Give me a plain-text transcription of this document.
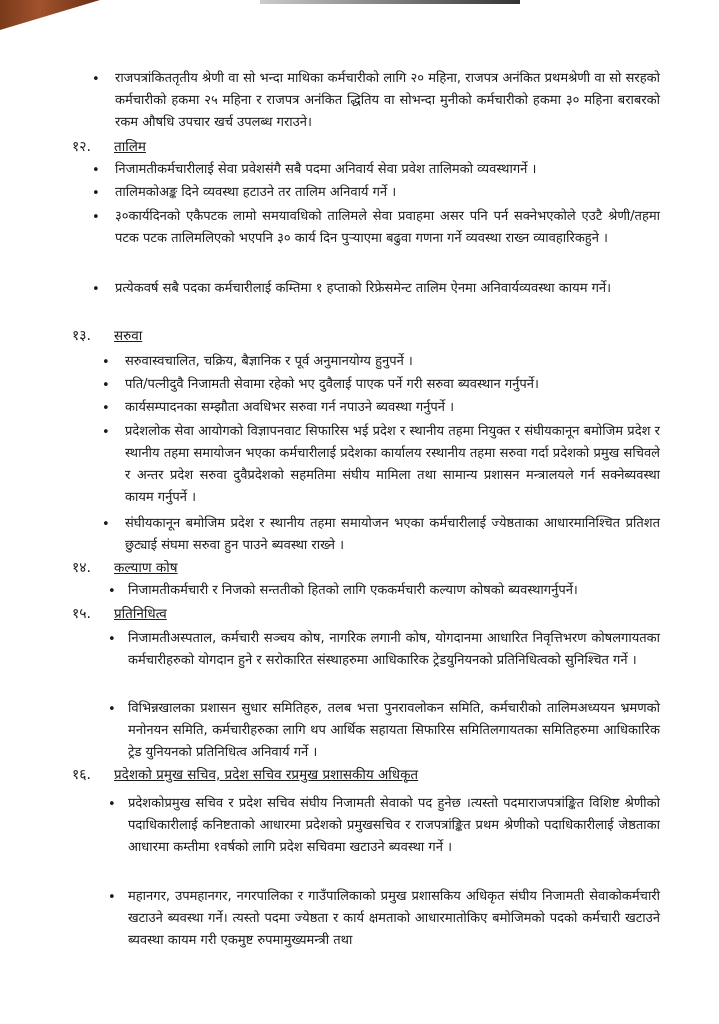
• राजपत्रांकिततृतीय श्रेणी वा सो भन्दा माथिका कर्मचारीको लागि २० महिना, राजपत्र अनंकित प्रथमश्रेणी वा सो सरहको कर्मचारीको हकमा २५ महिना र राजपत्र अनंकित द्धितिय वा सोभन्दा मुनीको कर्मचारीको हकमा ३० महिना बराबरको रकम औषधि उपचार खर्च उपलब्ध गराउने।
१२. तालिम
• निजामतीकर्मचारीलाई सेवा प्रवेशसंगै सबै पदमा अनिवार्य सेवा प्रवेश तालिमको व्यवस्थागर्ने ।
• तालिमकोअङ्क दिने व्यवस्था हटाउने तर तालिम अनिवार्य गर्ने ।
• ३०कार्यदिनको एकैपटक लामो समयावधिको तालिमले सेवा प्रवाहमा असर पनि पर्न सक्नेभएकोले एउटै श्रेणी/तहमा पटक पटक तालिमलिएको भएपनि ३० कार्य दिन पुऱ्याएमा बढुवा गणना गर्ने व्यवस्था राख्न व्यावहारिकहुने ।
• प्रत्येकवर्ष सबै पदका कर्मचारीलाई कम्तिमा १ हप्ताको रिफ्रेसमेन्ट तालिम ऐनमा अनिवार्यव्यवस्था कायम गर्ने।
१३. सरुवा
• सरुवास्वचालित, चक्रिय, बैज्ञानिक र पूर्व अनुमानयोग्य हुनुपर्ने ।
• पति/पत्नीदुवै निजामती सेवामा रहेको भए दुवैलाई पाएक पर्ने गरी सरुवा ब्यवस्थान गर्नुपर्ने।
• कार्यसम्पादनका सम्झौता अवधिभर सरुवा गर्न नपाउने ब्यवस्था गर्नुपर्ने ।
• प्रदेशलोक सेवा आयोगको विज्ञापनवाट सिफारिस भई प्रदेश र स्थानीय तहमा नियुक्त र संघीयकानून बमोजिम प्रदेश र स्थानीय तहमा समायोजन भएका कर्मचारीलाई प्रदेशका कार्यालय रस्थानीय तहमा सरुवा गर्दा प्रदेशको प्रमुख सचिवले र अन्तर प्रदेश सरुवा दुवैप्रदेशको सहमतिमा संघीय मामिला तथा सामान्य प्रशासन मन्त्रालयले गर्न सक्नेब्यवस्था कायम गर्नुपर्ने ।
• संघीयकानून बमोजिम प्रदेश र स्थानीय तहमा समायोजन भएका कर्मचारीलाई ज्येष्ठताका आधारमानिश्चित प्रतिशत छुट्याई संघमा सरुवा हुन पाउने ब्यवस्था राख्ने ।
१४. कल्याण कोष
• निजामतीकर्मचारी र निजको सन्ततीको हितको लागि एककर्मचारी कल्याण कोषको ब्यवस्थागर्नुपर्ने।
१५. प्रतिनिधित्व
• निजामतीअस्पताल, कर्मचारी सञ्चय कोष, नागरिक लगानी कोष, योगदानमा आधारित निवृत्तिभरण कोषलगायतका कर्मचारीहरुको योगदान हुने र सरोकारित संस्थाहरुमा आधिकारिक ट्रेडयुनियनको प्रतिनिधित्वको सुनिश्चित गर्ने ।
• विभिन्नखालका प्रशासन सुधार समितिहरु, तलब भत्ता पुनरावलोकन समिति, कर्मचारीको तालिमअध्ययन भ्रमणको मनोनयन समिति, कर्मचारीहरुका लागि थप आर्थिक सहायता सिफारिस समितिलगायतका समितिहरुमा आधिकारिक ट्रेड युनियनको प्रतिनिधित्व अनिवार्य गर्ने ।
१६. प्रदेशको प्रमुख सचिव, प्रदेश सचिव रप्रमुख प्रशासकीय अधिकृत
• प्रदेशकोप्रमुख सचिव र प्रदेश सचिव संघीय निजामती सेवाको पद हुनेछ ।त्यस्तो पदमाराजपत्रांङ्कित विशिष्ट श्रेणीको पदाधिकारीलाई कनिष्टताको आधारमा प्रदेशको प्रमुखसचिव र राजपत्रांङ्कित प्रथम श्रेणीको पदाधिकारीलाई जेष्ठताका आधारमा कम्तीमा १वर्षको लागि प्रदेश सचिवमा खटाउने ब्यवस्था गर्ने ।
• महानगर, उपमहानगर, नगरपालिका र गाउँपालिकाको प्रमुख प्रशासकिय अधिकृत संघीय निजामती सेवाकोकर्मचारी खटाउने ब्यवस्था गर्ने। त्यस्तो पदमा ज्येष्ठता र कार्य क्षमताको आधारमातोकिए बमोजिमको पदको कर्मचारी खटाउने ब्यवस्था कायम गरी एकमुष्ट रुपमामुख्यमन्त्री तथा
